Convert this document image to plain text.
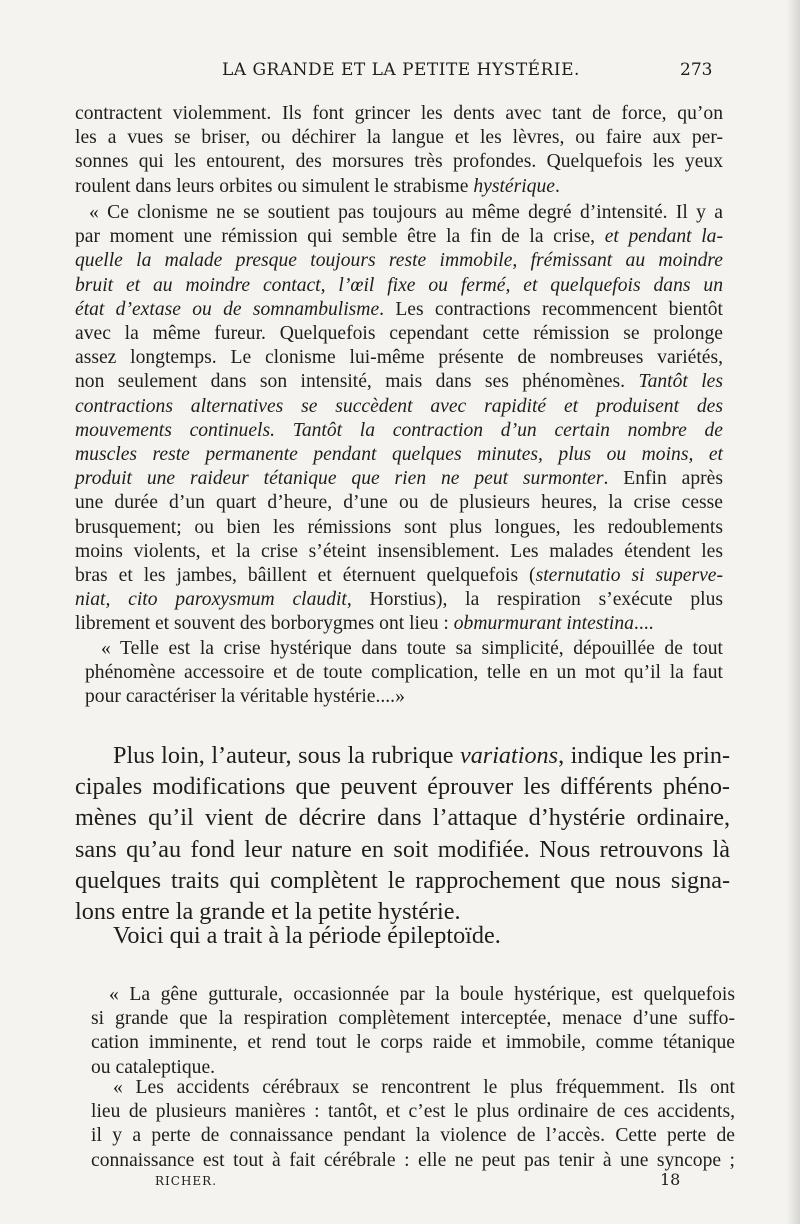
LA GRANDE ET LA PETITE HYSTÉRIE.	273

contractent violemment. Ils font grincer les dents avec tant de force, qu’on
les a vues se briser, ou déchirer la langue et les lèvres, ou faire aux per-
sonnes qui les entourent, des morsures très profondes. Quelquefois les yeux
roulent dans leurs orbites ou simulent le strabisme hystérique.

« Ce clonisme ne se soutient pas toujours au même degré d’intensité. Il y a
par moment une rémission qui semble être la fin de la crise, et pendant la-
quelle la malade presque toujours reste immobile, frémissant au moindre
bruit et au moindre contact, l’œil fixe ou fermé, et quelquefois dans un
état d’extase ou de somnambulisme. Les contractions recommencent bientôt
avec la même fureur. Quelquefois cependant cette rémission se prolonge
assez longtemps. Le clonisme lui-même présente de nombreuses variétés,
non seulement dans son intensité, mais dans ses phénomènes. Tantôt les
contractions alternatives se succèdent avec rapidité et produisent des
mouvements continuels. Tantôt la contraction d’un certain nombre de
muscles reste permanente pendant quelques minutes, plus ou moins, et
produit une raideur tétanique que rien ne peut surmonter. Enfin après
une durée d’un quart d’heure, d’une ou de plusieurs heures, la crise cesse
brusquement; ou bien les rémissions sont plus longues, les redoublements
moins violents, et la crise s’éteint insensiblement. Les malades étendent les
bras et les jambes, bâillent et éternuent quelquefois (sternutatio si superve-
niat, cito paroxysmum claudit, Horstius), la respiration s’exécute plus
librement et souvent des borborygmes ont lieu : obmurmurant intestina....

« Telle est la crise hystérique dans toute sa simplicité, dépouillée de tout
phénomène accessoire et de toute complication, telle en un mot qu’il la faut
pour caractériser la véritable hystérie....»

Plus loin, l’auteur, sous la rubrique variations, indique les prin-
cipales modifications que peuvent éprouver les différents phéno-
mènes qu’il vient de décrire dans l’attaque d’hystérie ordinaire,
sans qu’au fond leur nature en soit modifiée. Nous retrouvons là
quelques traits qui complètent le rapprochement que nous signa-
lons entre la grande et la petite hystérie.

Voici qui a trait à la période épileptoïde.

« La gêne gutturale, occasionnée par la boule hystérique, est quelquefois
si grande que la respiration complètement interceptée, menace d’une suffo-
cation imminente, et rend tout le corps raide et immobile, comme tétanique
ou cataleptique.

« Les accidents cérébraux se rencontrent le plus fréquemment. Ils ont
lieu de plusieurs manières : tantôt, et c’est le plus ordinaire de ces accidents,
il y a perte de connaissance pendant la violence de l’accès. Cette perte de
connaissance est tout à fait cérébrale : elle ne peut pas tenir à une syncope ;

RICHER.	18
